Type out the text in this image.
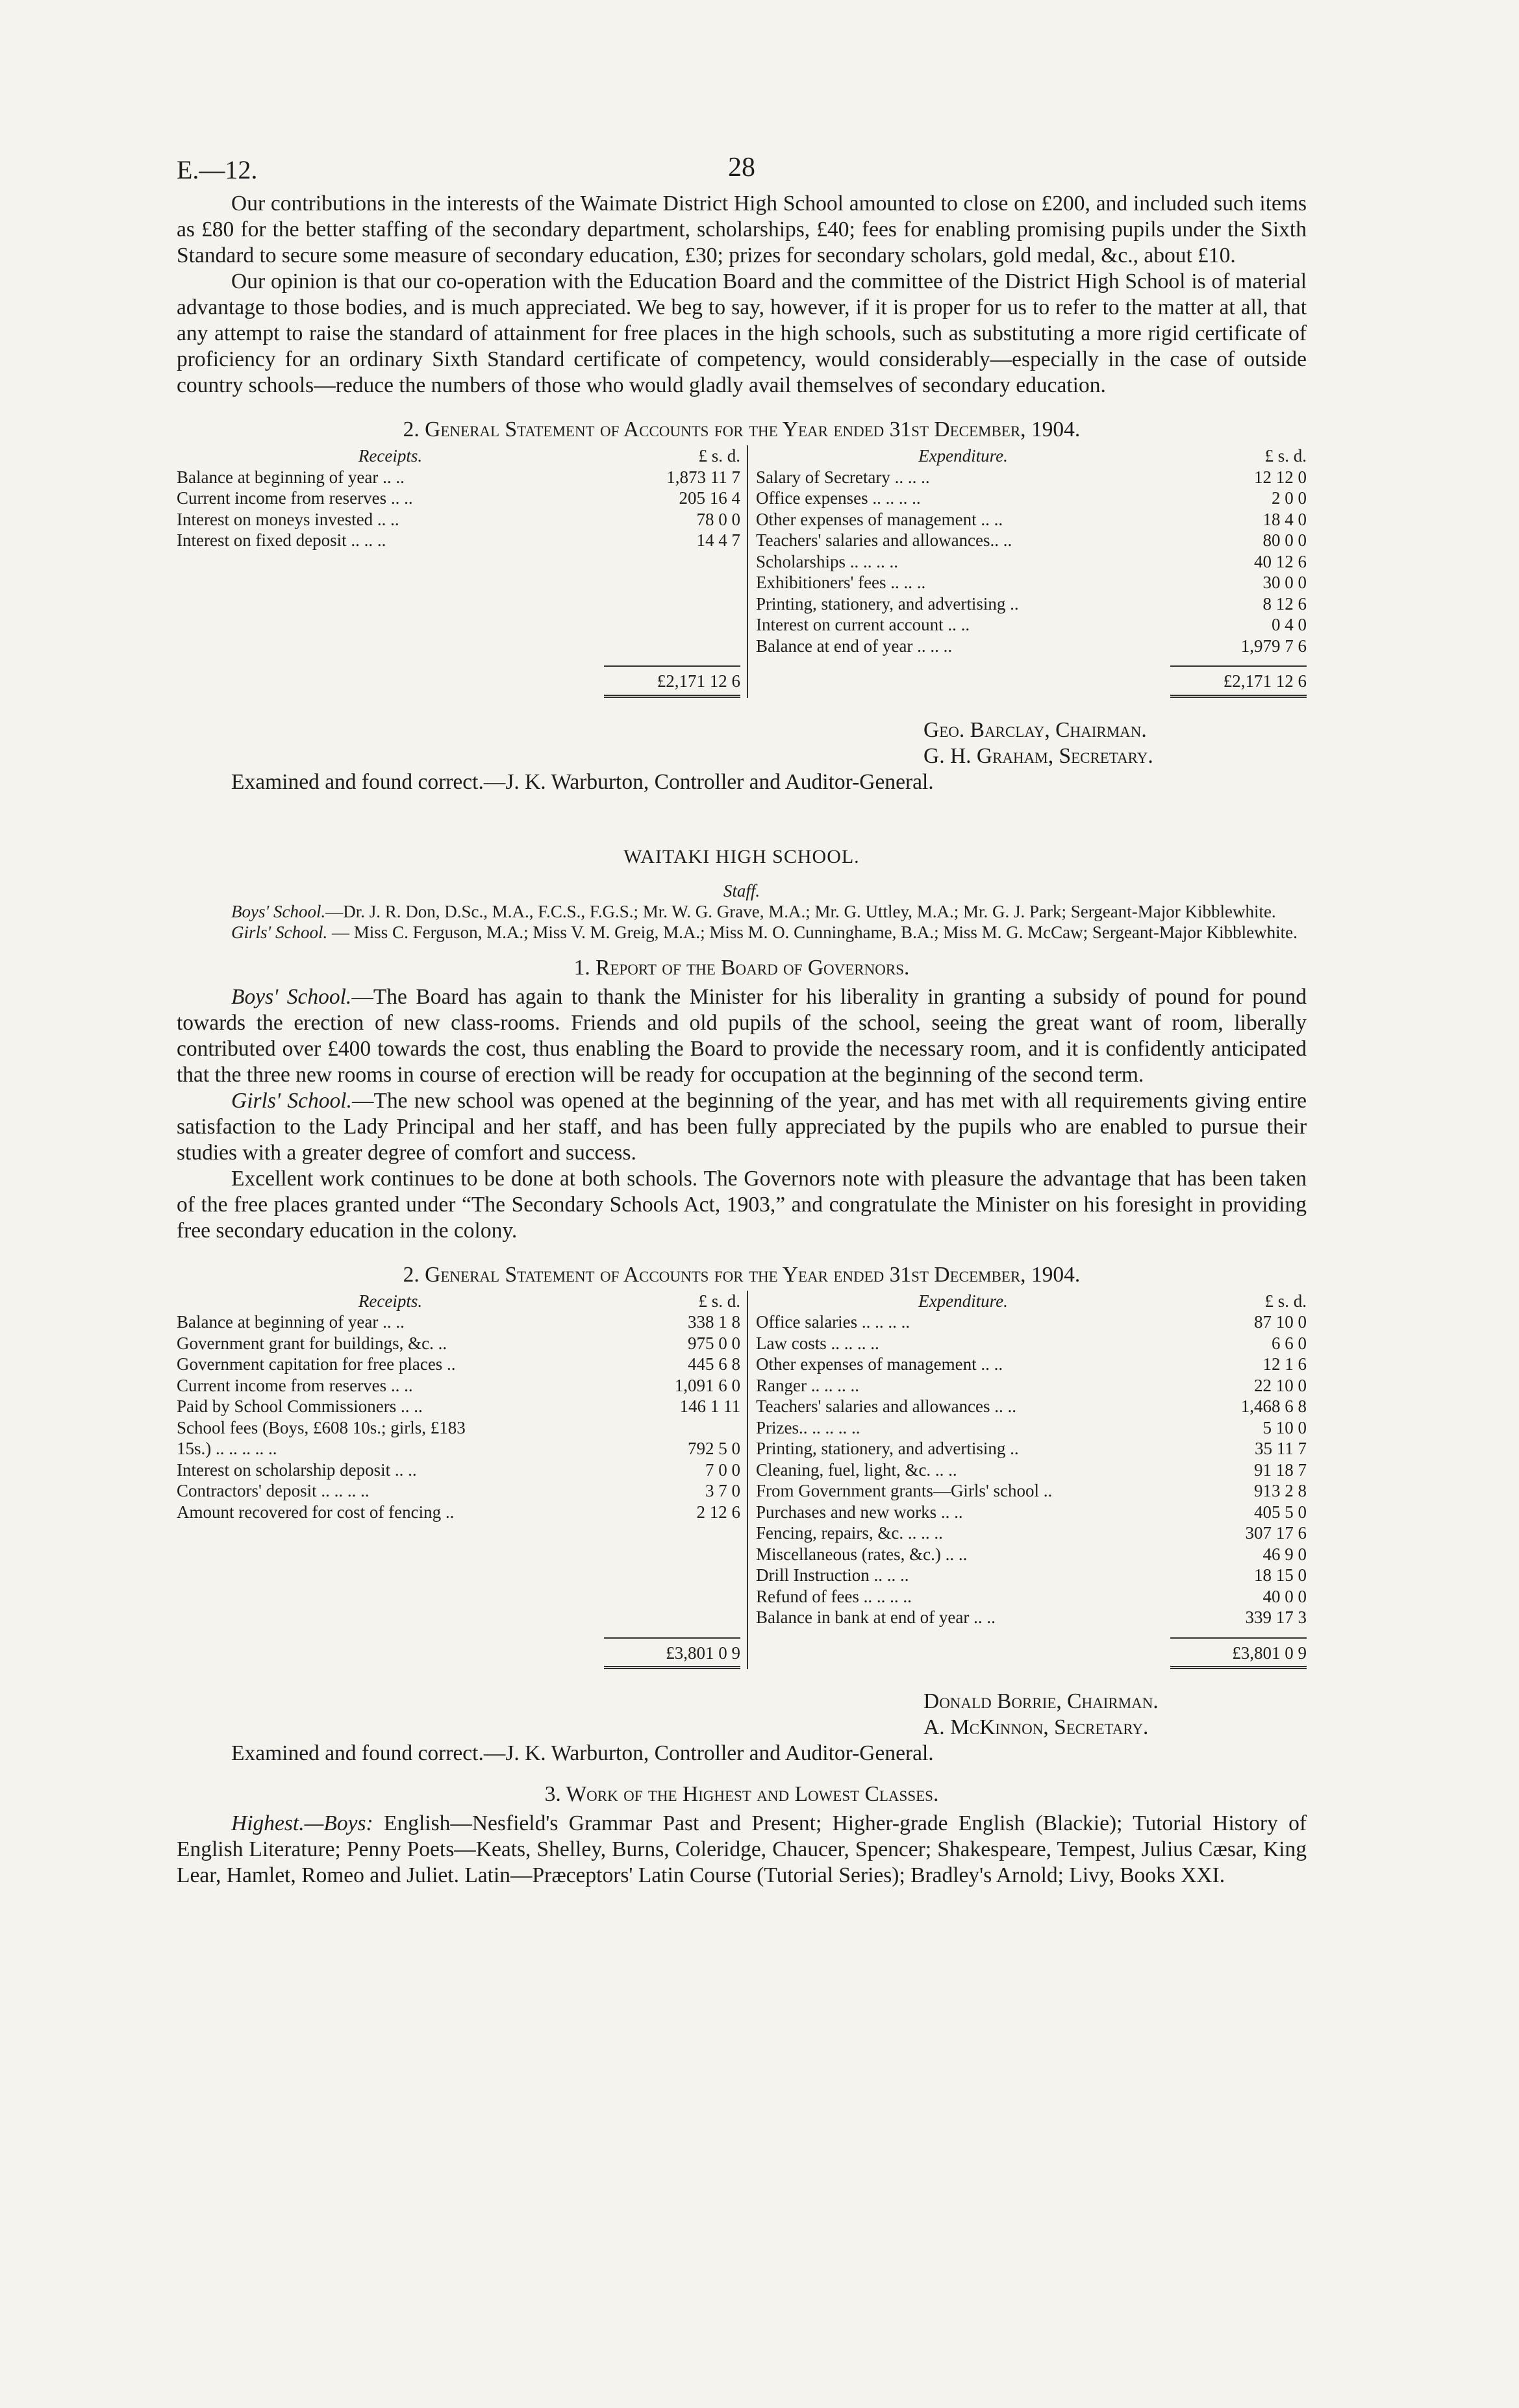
E.—12.	28

Our contributions in the interests of the Waimate District High School amounted to close on £200, and included such items as £80 for the better staffing of the secondary department, scholarships, £40; fees for enabling promising pupils under the Sixth Standard to secure some measure of secondary education, £30; prizes for secondary scholars, gold medal, &c., about £10.

Our opinion is that our co-operation with the Education Board and the committee of the District High School is of material advantage to those bodies, and is much appreciated. We beg to say, however, if it is proper for us to refer to the matter at all, that any attempt to raise the standard of attainment for free places in the high schools, such as substituting a more rigid certificate of proficiency for an ordinary Sixth Standard certificate of competency, would considerably—especially in the case of outside country schools—reduce the numbers of those who would gladly avail themselves of secondary education.

2. General Statement of Accounts for the Year ended 31st December, 1904.
Receipts.	£ s. d.
Balance at beginning of year .. ..	1,873 11 7
Current income from reserves .. ..	205 16 4
Interest on moneys invested .. ..	78 0 0
Interest on fixed deposit .. .. ..	14 4 7
£2,171 12 6
Expenditure.	£ s. d.
Salary of Secretary .. .. ..	12 12 0
Office expenses .. .. .. ..	2 0 0
Other expenses of management .. ..	18 4 0
Teachers' salaries and allowances.. ..	80 0 0
Scholarships .. .. .. ..	40 12 6
Exhibitioners' fees .. .. ..	30 0 0
Printing, stationery, and advertising ..	8 12 6
Interest on current account .. ..	0 4 0
Balance at end of year .. .. ..	1,979 7 6
£2,171 12 6
Geo. Barclay, Chairman.
G. H. Graham, Secretary.
Examined and found correct.—J. K. Warburton, Controller and Auditor-General.
WAITAKI HIGH SCHOOL.
Staff.

Boys' School.—Dr. J. R. Don, D.Sc., M.A., F.C.S., F.G.S.; Mr. W. G. Grave, M.A.; Mr. G. Uttley, M.A.; Mr. G. J. Park; Sergeant-Major Kibblewhite.

Girls' School. — Miss C. Ferguson, M.A.; Miss V. M. Greig, M.A.; Miss M. O. Cunninghame, B.A.; Miss M. G. McCaw; Sergeant-Major Kibblewhite.

1. Report of the Board of Governors.

Boys' School.—The Board has again to thank the Minister for his liberality in granting a subsidy of pound for pound towards the erection of new class-rooms. Friends and old pupils of the school, seeing the great want of room, liberally contributed over £400 towards the cost, thus enabling the Board to provide the necessary room, and it is confidently anticipated that the three new rooms in course of erection will be ready for occupation at the beginning of the second term.

Girls' School.—The new school was opened at the beginning of the year, and has met with all requirements giving entire satisfaction to the Lady Principal and her staff, and has been fully appreciated by the pupils who are enabled to pursue their studies with a greater degree of comfort and success.

Excellent work continues to be done at both schools. The Governors note with pleasure the advantage that has been taken of the free places granted under “The Secondary Schools Act, 1903,” and congratulate the Minister on his foresight in providing free secondary education in the colony.

2. General Statement of Accounts for the Year ended 31st December, 1904.
Receipts.	£ s. d.
Balance at beginning of year .. ..	338 1 8
Government grant for buildings, &c. ..	975 0 0
Government capitation for free places ..	445 6 8
Current income from reserves .. ..	1,091 6 0
Paid by School Commissioners .. ..	146 1 11
School fees (Boys, £608 10s.; girls, £183
15s.) .. .. .. .. ..	792 5 0
Interest on scholarship deposit .. ..	7 0 0
Contractors' deposit .. .. .. ..	3 7 0
Amount recovered for cost of fencing ..	2 12 6
£3,801 0 9
Expenditure.	£ s. d.
Office salaries .. .. .. ..	87 10 0
Law costs .. .. .. ..	6 6 0
Other expenses of management .. ..	12 1 6
Ranger .. .. .. ..	22 10 0
Teachers' salaries and allowances .. ..	1,468 6 8
Prizes.. .. .. .. ..	5 10 0
Printing, stationery, and advertising ..	35 11 7
Cleaning, fuel, light, &c. .. ..	91 18 7
From Government grants—Girls' school ..	913 2 8
Purchases and new works .. ..	405 5 0
Fencing, repairs, &c. .. .. ..	307 17 6
Miscellaneous (rates, &c.) .. ..	46 9 0
Drill Instruction .. .. ..	18 15 0
Refund of fees .. .. .. ..	40 0 0
Balance in bank at end of year .. ..	339 17 3
£3,801 0 9
Donald Borrie, Chairman.
A. McKinnon, Secretary.
Examined and found correct.—J. K. Warburton, Controller and Auditor-General.
3. Work of the Highest and Lowest Classes.

Highest.—Boys: English—Nesfield's Grammar Past and Present; Higher-grade English (Blackie); Tutorial History of English Literature; Penny Poets—Keats, Shelley, Burns, Coleridge, Chaucer, Spencer; Shakespeare, Tempest, Julius Cæsar, King Lear, Hamlet, Romeo and Juliet. Latin—Præceptors' Latin Course (Tutorial Series); Bradley's Arnold; Livy, Books XXI.
